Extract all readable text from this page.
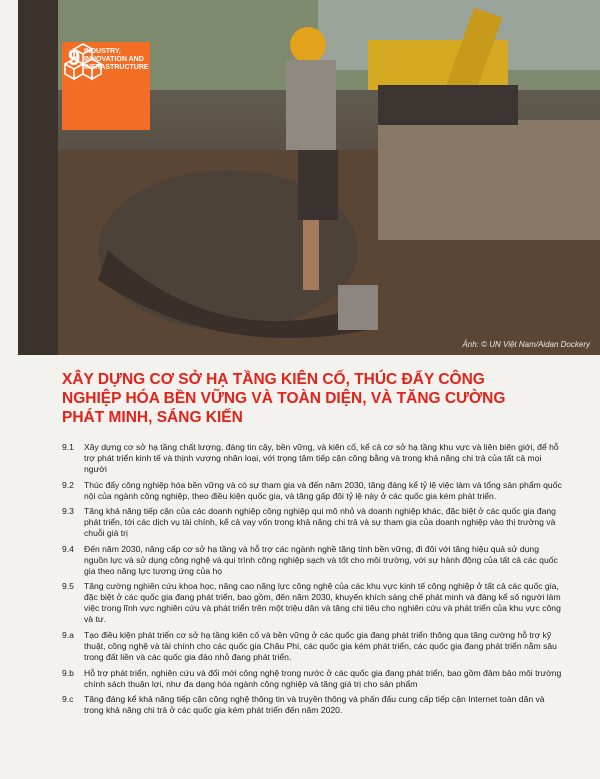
9 INDUSTRY, INNOVATION AND INFRASTRUCTURE
Ảnh: © UN Việt Nam/Aidan Dockery
XÂY DỰNG CƠ SỞ HẠ TẦNG KIÊN CỐ, THÚC ĐẨY CÔNG NGHIỆP HÓA BỀN VỮNG VÀ TOÀN DIỆN, VÀ TĂNG CƯỜNG PHÁT MINH, SÁNG KIẾN
9.1	Xây dựng cơ sở hạ tầng chất lượng, đáng tin cậy, bền vững, và kiên cố, kể cả cơ sở hạ tầng khu vực và liên biên giới, để hỗ trợ phát triển kinh tế và thịnh vượng nhân loại, với trọng tâm tiếp cận công bằng và trong khả năng chi trả của tất cả mọi người
9.2	Thúc đẩy công nghiệp hóa bền vững và có sự tham gia và đến năm 2030, tăng đáng kể tỷ lệ việc làm và tổng sản phẩm quốc nội của ngành công nghiệp, theo điều kiện quốc gia, và tăng gấp đôi tỷ lệ này ở các quốc gia kém phát triển.
9.3	Tăng khả năng tiếp cận của các doanh nghiệp công nghiệp qui mô nhỏ và doanh nghiệp khác, đặc biệt ở các quốc gia đang phát triển, tới các dịch vụ tài chính, kể cả vay vốn trong khả năng chi trả và sự tham gia của doanh nghiệp vào thị trường và chuỗi giá trị
9.4	Đến năm 2030, nâng cấp cơ sở hạ tầng và hỗ trợ các ngành nghề tăng tính bền vững, đi đôi với tăng hiệu quả sử dụng nguồn lực và sử dụng công nghệ và qui trình công nghiệp sạch và tốt cho môi trường, với sự hành động của tất cả các quốc gia theo năng lực tương ứng của họ
9.5	Tăng cường nghiên cứu khoa học, nâng cao năng lực công nghệ của các khu vực kinh tế công nghiệp ở tất cả các quốc gia, đặc biệt ở các quốc gia đang phát triển, bao gồm, đến năm 2030, khuyến khích sáng chế phát minh và đáng kể số người làm việc trong lĩnh vực nghiên cứu và phát triển trên một triệu dân và tăng chi tiêu cho nghiên cứu và phát triển của khu vực công và tư.
9.a	Tạo điều kiện phát triển cơ sở hạ tầng kiên cố và bền vững ở các quốc gia đang phát triển thông qua tăng cường hỗ trợ kỹ thuật, công nghệ và tài chính cho các quốc gia Châu Phi, các quốc gia kém phát triển, các quốc gia đang phát triển nằm sâu trong đất liền và các quốc gia đảo nhỏ đang phát triển.
9.b	Hỗ trợ phát triển, nghiên cứu và đổi mới công nghệ trong nước ở các quốc gia đang phát triển, bao gồm đảm bảo môi trường chính sách thuận lợi, như đa dạng hóa ngành công nghiệp và tăng giá trị cho sản phẩm
9.c	Tăng đáng kể khả năng tiếp cận công nghệ thông tin và truyền thông và phấn đấu cung cấp tiếp cận Internet toàn dân và trong khả năng chi trả ở các quốc gia kém phát triển đến năm 2020.
